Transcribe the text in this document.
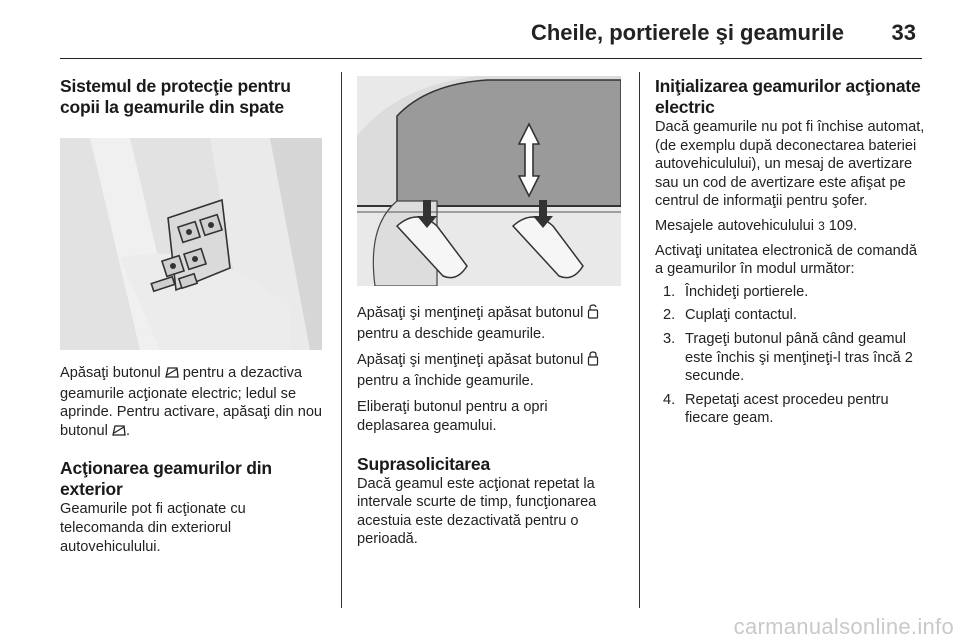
Cheile, portierele şi geamurile 33
Sistemul de protecţie pentru copii la geamurile din spate

Apăsaţi butonul  pentru a dezactiva geamurile acţionate electric; ledul se aprinde. Pentru activare, apăsaţi din nou butonul .

Acţionarea geamurilor din exterior

Geamurile pot fi acţionate cu telecomanda din exteriorul autovehiculului.

Apăsaţi şi menţineţi apăsat butonul  pentru a deschide geamurile.

Apăsaţi şi menţineţi apăsat butonul  pentru a închide geamurile.

Eliberaţi butonul pentru a opri deplasarea geamului.

Suprasolicitarea

Dacă geamul este acţionat repetat la intervale scurte de timp, funcţionarea acestuia este dezactivată pentru o perioadă.

Iniţializarea geamurilor acţionate electric

Dacă geamurile nu pot fi închise automat, (de exemplu după deconectarea bateriei autovehiculului), un mesaj de avertizare sau un cod de avertizare este afişat pe centrul de informaţii pentru şofer.

Mesajele autovehiculului 3 109.

Activaţi unitatea electronică de comandă a geamurilor în modul următor:

1. Închideţi portierele.
2. Cuplaţi contactul.
3. Trageţi butonul până când geamul este închis şi menţineţi-l tras încă 2 secunde.
4. Repetaţi acest procedeu pentru fiecare geam.
carmanualsonline.info
